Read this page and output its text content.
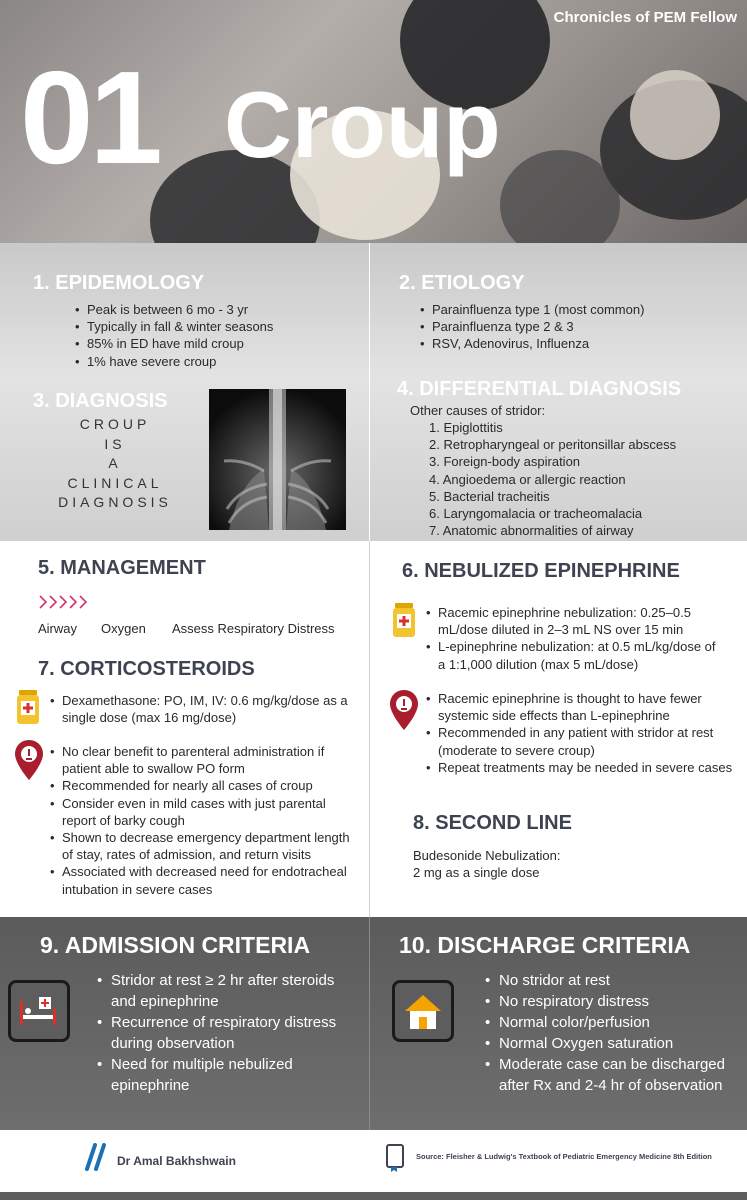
Chronicles of PEM Fellow
01 Croup
1. EPIDEMOLOGY
• Peak is between 6 mo - 3 yr
• Typically in fall & winter seasons
• 85% in ED have mild croup
• 1% have severe croup
2. ETIOLOGY
• Parainfluenza type 1 (most common)
• Parainfluenza type 2 & 3
• RSV, Adenovirus, Influenza
3. DIAGNOSIS
CROUP
IS
A
CLINICAL
DIAGNOSIS
4. DIFFERENTIAL DIAGNOSIS
Other causes of stridor:
1. Epiglottitis
2. Retropharyngeal or peritonsillar abscess
3. Foreign-body aspiration
4. Angioedema or allergic reaction
5. Bacterial tracheitis
6. Laryngomalacia or tracheomalacia
7. Anatomic abnormalities of airway
5. MANAGEMENT
Airway Oxygen Assess Respiratory Distress
7. CORTICOSTEROIDS
• Dexamethasone: PO, IM, IV: 0.6 mg/kg/dose as a single dose (max 16 mg/dose)
• No clear benefit to parenteral administration if patient able to swallow PO form
• Recommended for nearly all cases of croup
• Consider even in mild cases with just parental report of barky cough
• Shown to decrease emergency department length of stay, rates of admission, and return visits
• Associated with decreased need for endotracheal intubation in severe cases
6. NEBULIZED EPINEPHRINE
• Racemic epinephrine nebulization: 0.25–0.5 mL/dose diluted in 2–3 mL NS over 15 min
• L-epinephrine nebulization: at 0.5 mL/kg/dose of a 1:1,000 dilution (max 5 mL/dose)
• Racemic epinephrine is thought to have fewer systemic side effects than L-epinephrine
• Recommended in any patient with stridor at rest (moderate to severe croup)
• Repeat treatments may be needed in severe cases
8. SECOND LINE
Budesonide Nebulization:
2 mg as a single dose
9. ADMISSION CRITERIA
• Stridor at rest ≥ 2 hr after steroids and epinephrine
• Recurrence of respiratory distress during observation
• Need for multiple nebulized epinephrine
10. DISCHARGE CRITERIA
• No stridor at rest
• No respiratory distress
• Normal color/perfusion
• Normal Oxygen saturation
• Moderate case can be discharged after Rx and 2-4 hr of observation
Dr Amal Bakhshwain	Source: Fleisher & Ludwig's Textbook of Pediatric Emergency Medicine 8th Edition
